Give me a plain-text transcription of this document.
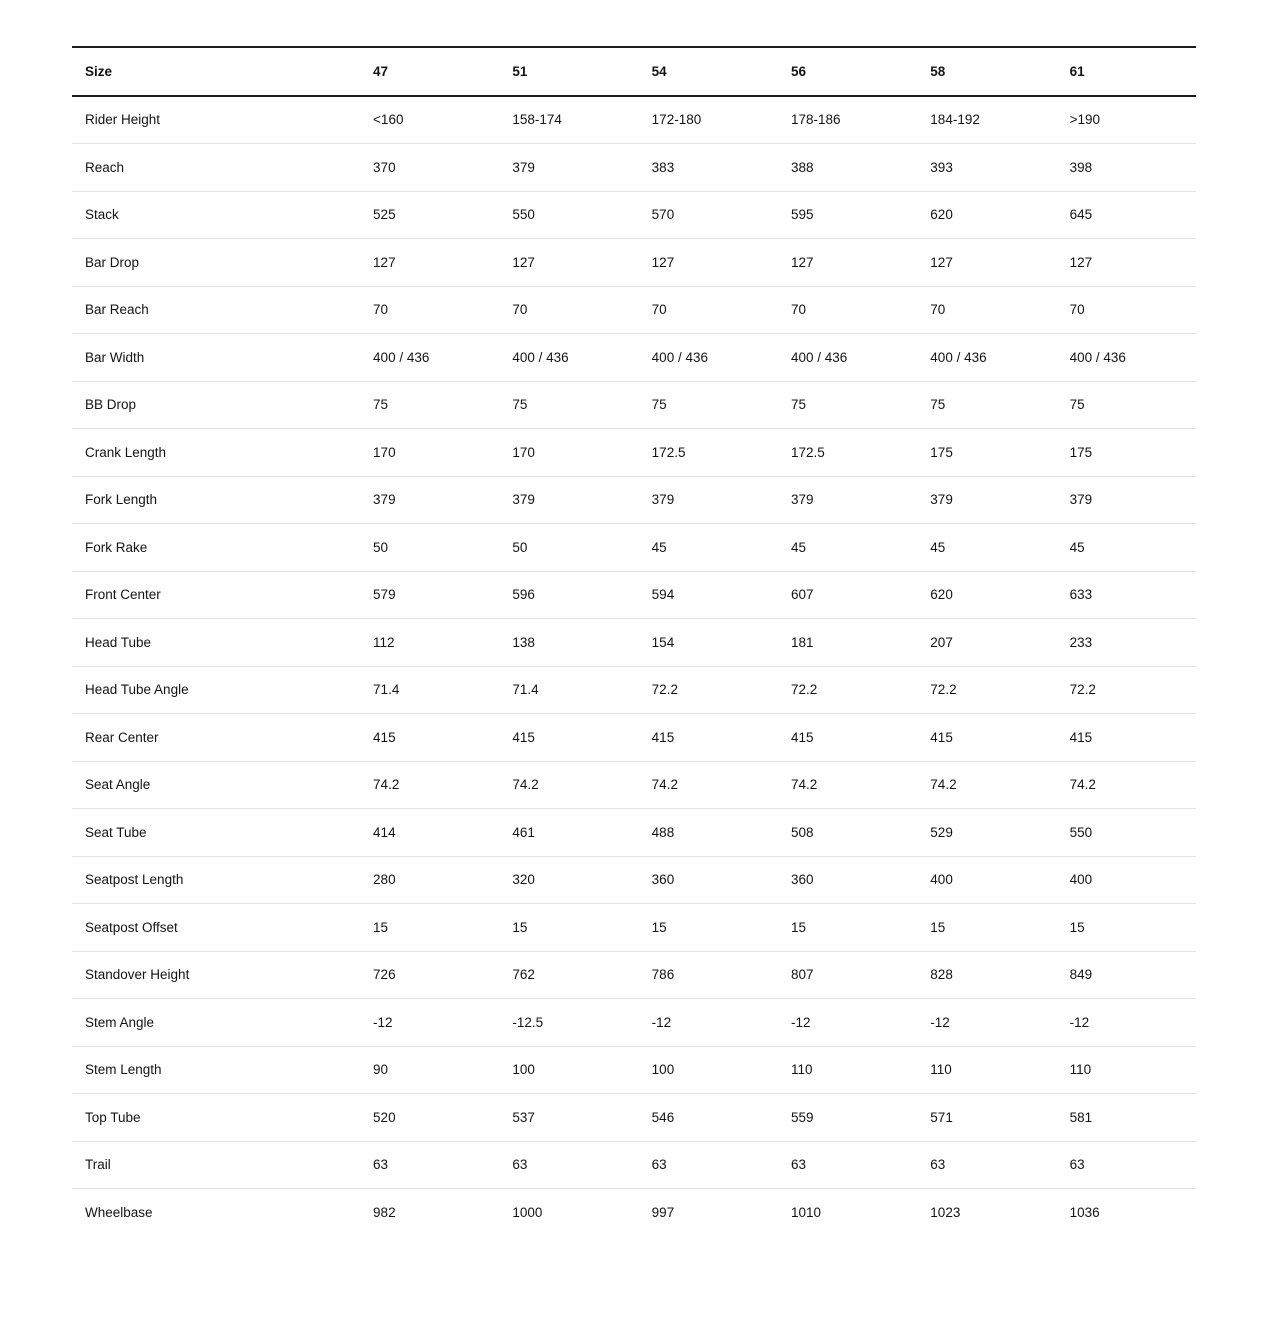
Size	47	51	54	56	58	61
Rider Height	<160	158-174	172-180	178-186	184-192	>190
Reach	370	379	383	388	393	398
Stack	525	550	570	595	620	645
Bar Drop	127	127	127	127	127	127
Bar Reach	70	70	70	70	70	70
Bar Width	400 / 436	400 / 436	400 / 436	400 / 436	400 / 436	400 / 436
BB Drop	75	75	75	75	75	75
Crank Length	170	170	172.5	172.5	175	175
Fork Length	379	379	379	379	379	379
Fork Rake	50	50	45	45	45	45
Front Center	579	596	594	607	620	633
Head Tube	112	138	154	181	207	233
Head Tube Angle	71.4	71.4	72.2	72.2	72.2	72.2
Rear Center	415	415	415	415	415	415
Seat Angle	74.2	74.2	74.2	74.2	74.2	74.2
Seat Tube	414	461	488	508	529	550
Seatpost Length	280	320	360	360	400	400
Seatpost Offset	15	15	15	15	15	15
Standover Height	726	762	786	807	828	849
Stem Angle	-12	-12.5	-12	-12	-12	-12
Stem Length	90	100	100	110	110	110
Top Tube	520	537	546	559	571	581
Trail	63	63	63	63	63	63
Wheelbase	982	1000	997	1010	1023	1036
